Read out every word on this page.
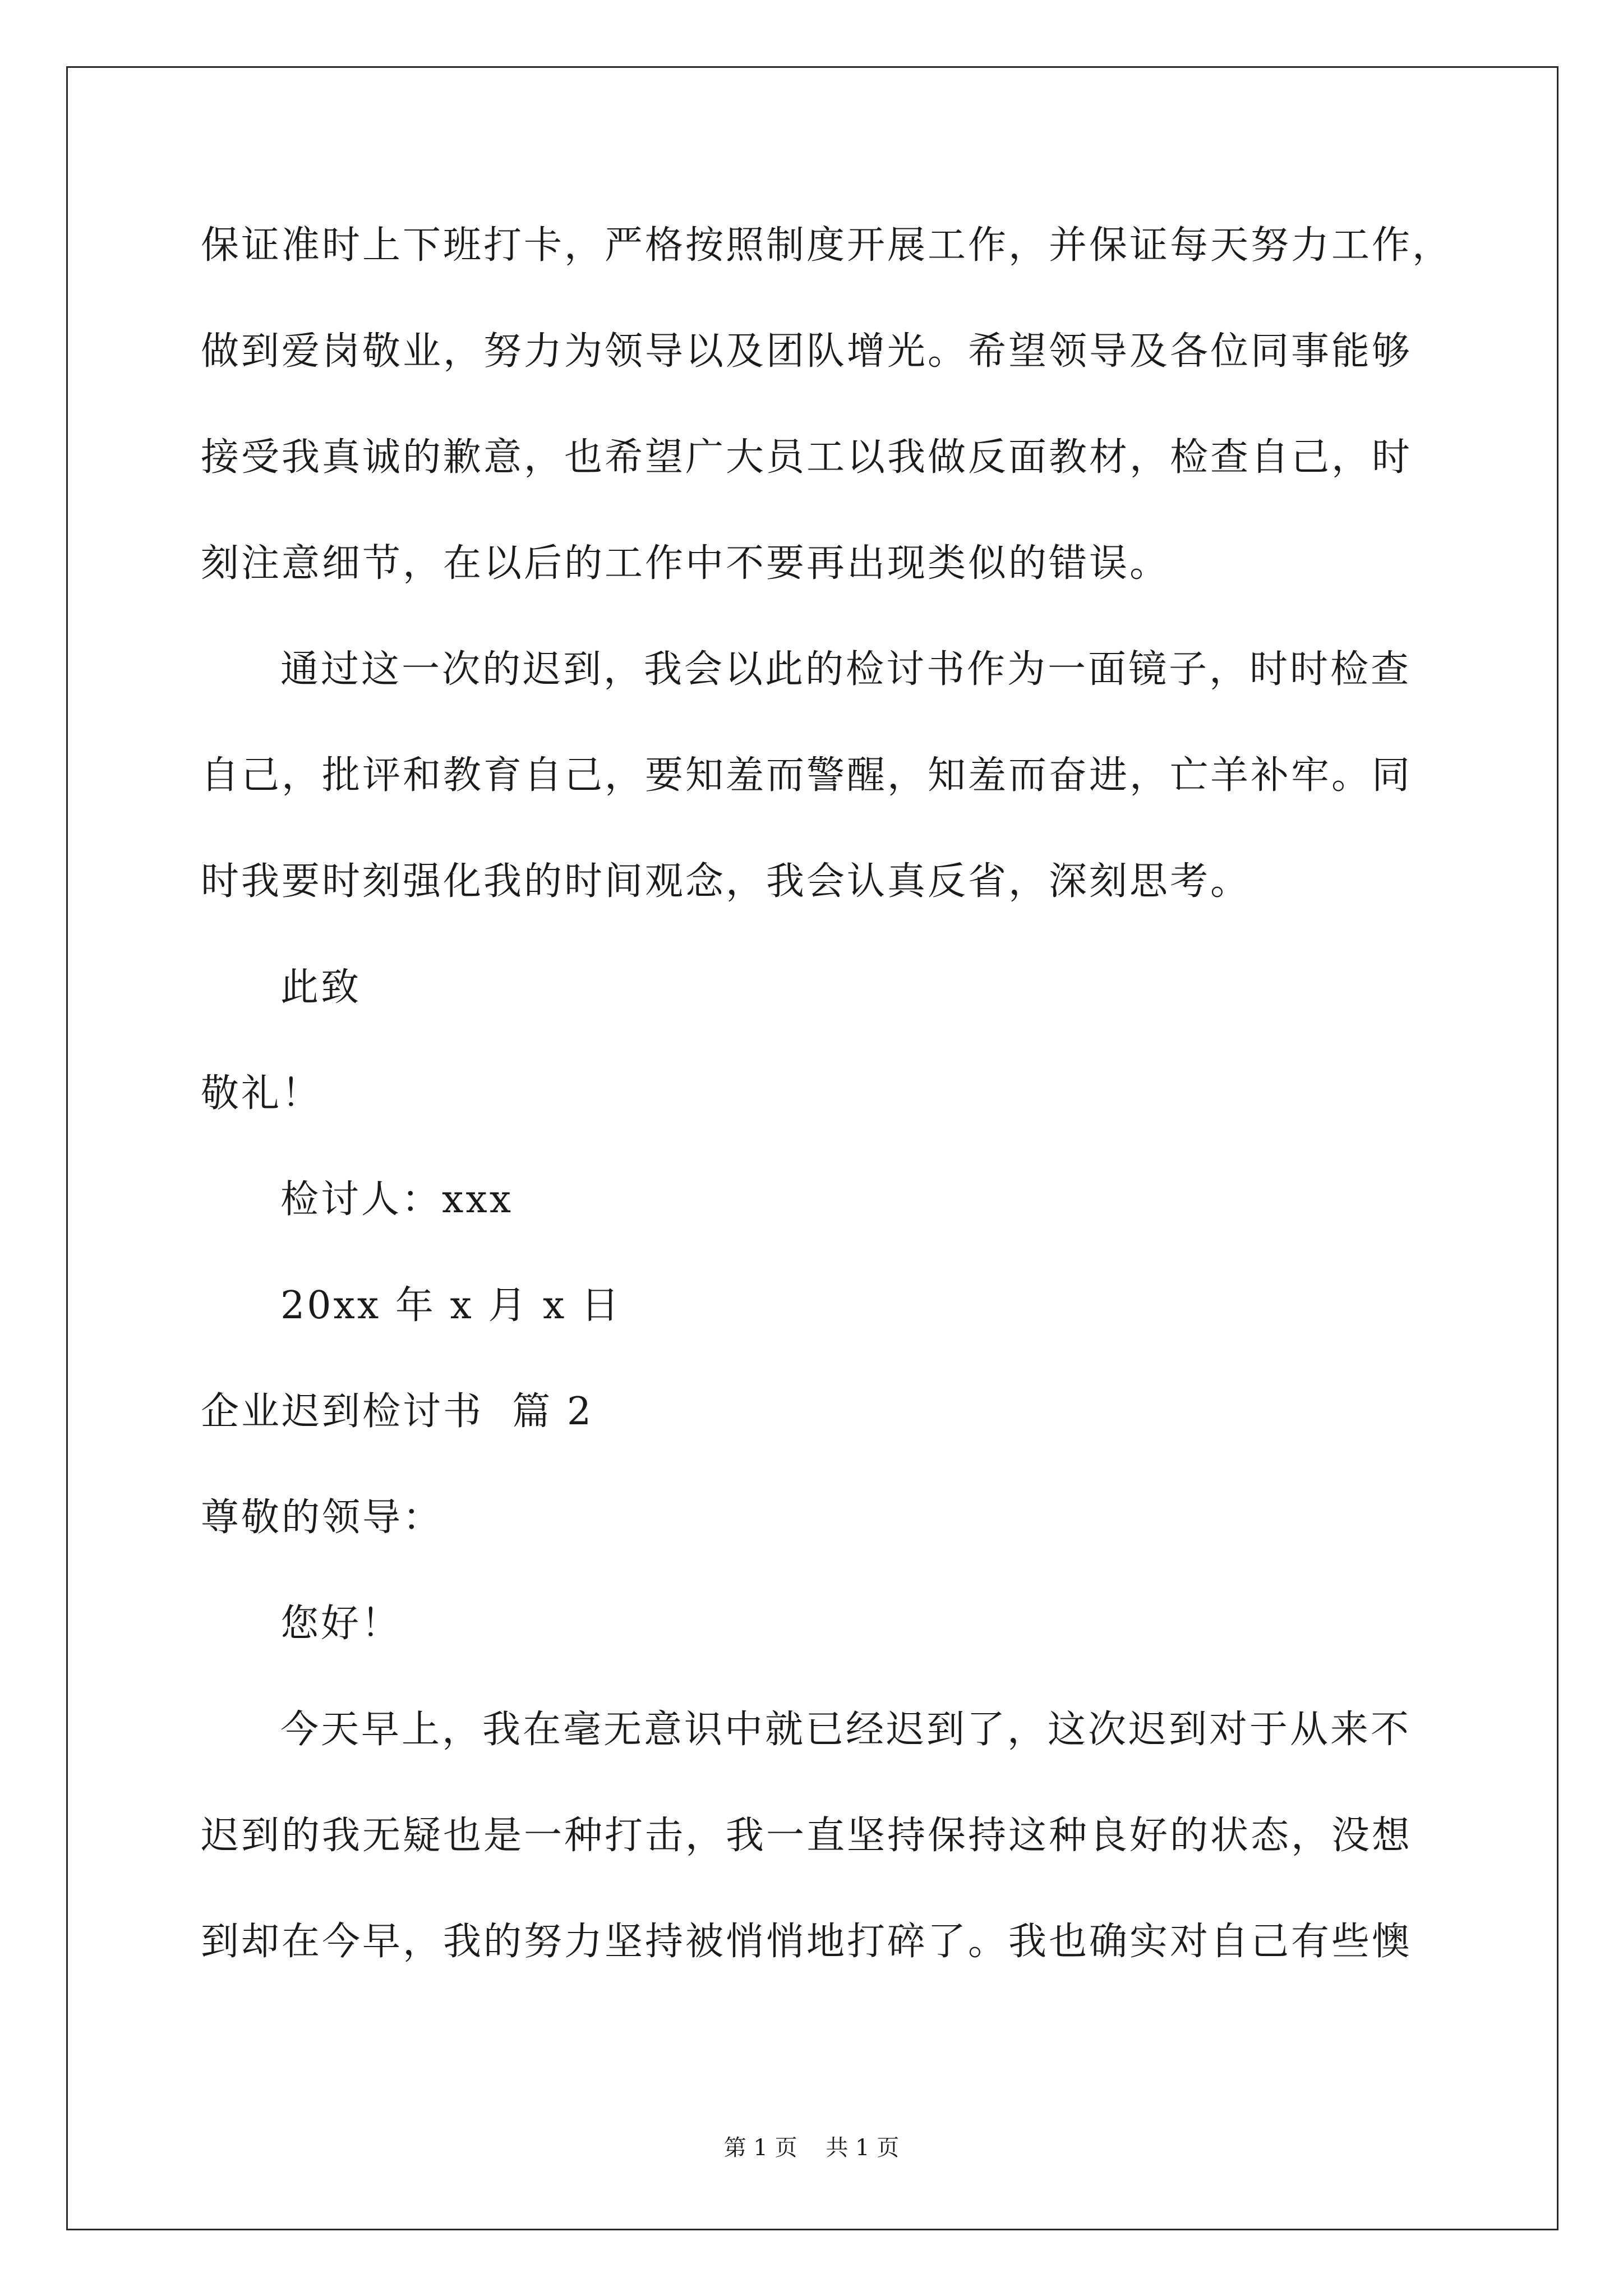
保证准时上下班打卡，严格按照制度开展工作，并保证每天努力工作，
做到爱岗敬业，努力为领导以及团队增光。希望领导及各位同事能够
接受我真诚的歉意，也希望广大员工以我做反面教材，检查自己，时
刻注意细节，在以后的工作中不要再出现类似的错误。
通过这一次的迟到，我会以此的检讨书作为一面镜子，时时检查
自己，批评和教育自己，要知羞而警醒，知羞而奋进，亡羊补牢。同
时我要时刻强化我的时间观念，我会认真反省，深刻思考。
此致
敬礼！
检讨人：xxx
20xx 年 x 月 x 日
企业迟到检讨书  篇 2
尊敬的领导：
您好！
今天早上，我在毫无意识中就已经迟到了，这次迟到对于从来不
迟到的我无疑也是一种打击，我一直坚持保持这种良好的状态，没想
到却在今早，我的努力坚持被悄悄地打碎了。我也确实对自己有些懊
第 1 页    共 1 页
